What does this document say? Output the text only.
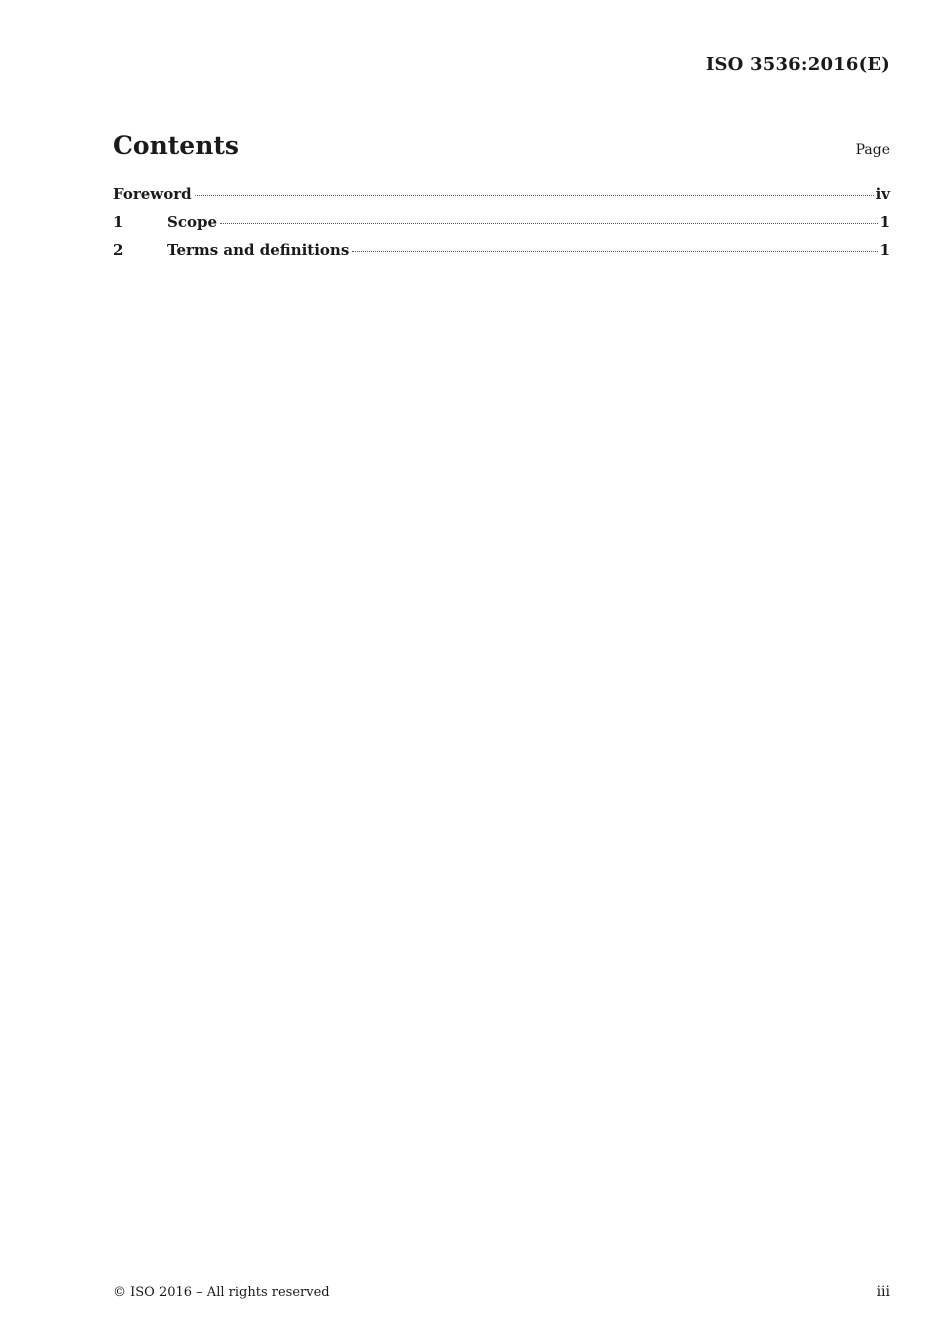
ISO 3536:2016(E)
Contents	Page
Foreword	iv
1	Scope	1
2	Terms and definitions	1
© ISO 2016 – All rights reserved	iii
